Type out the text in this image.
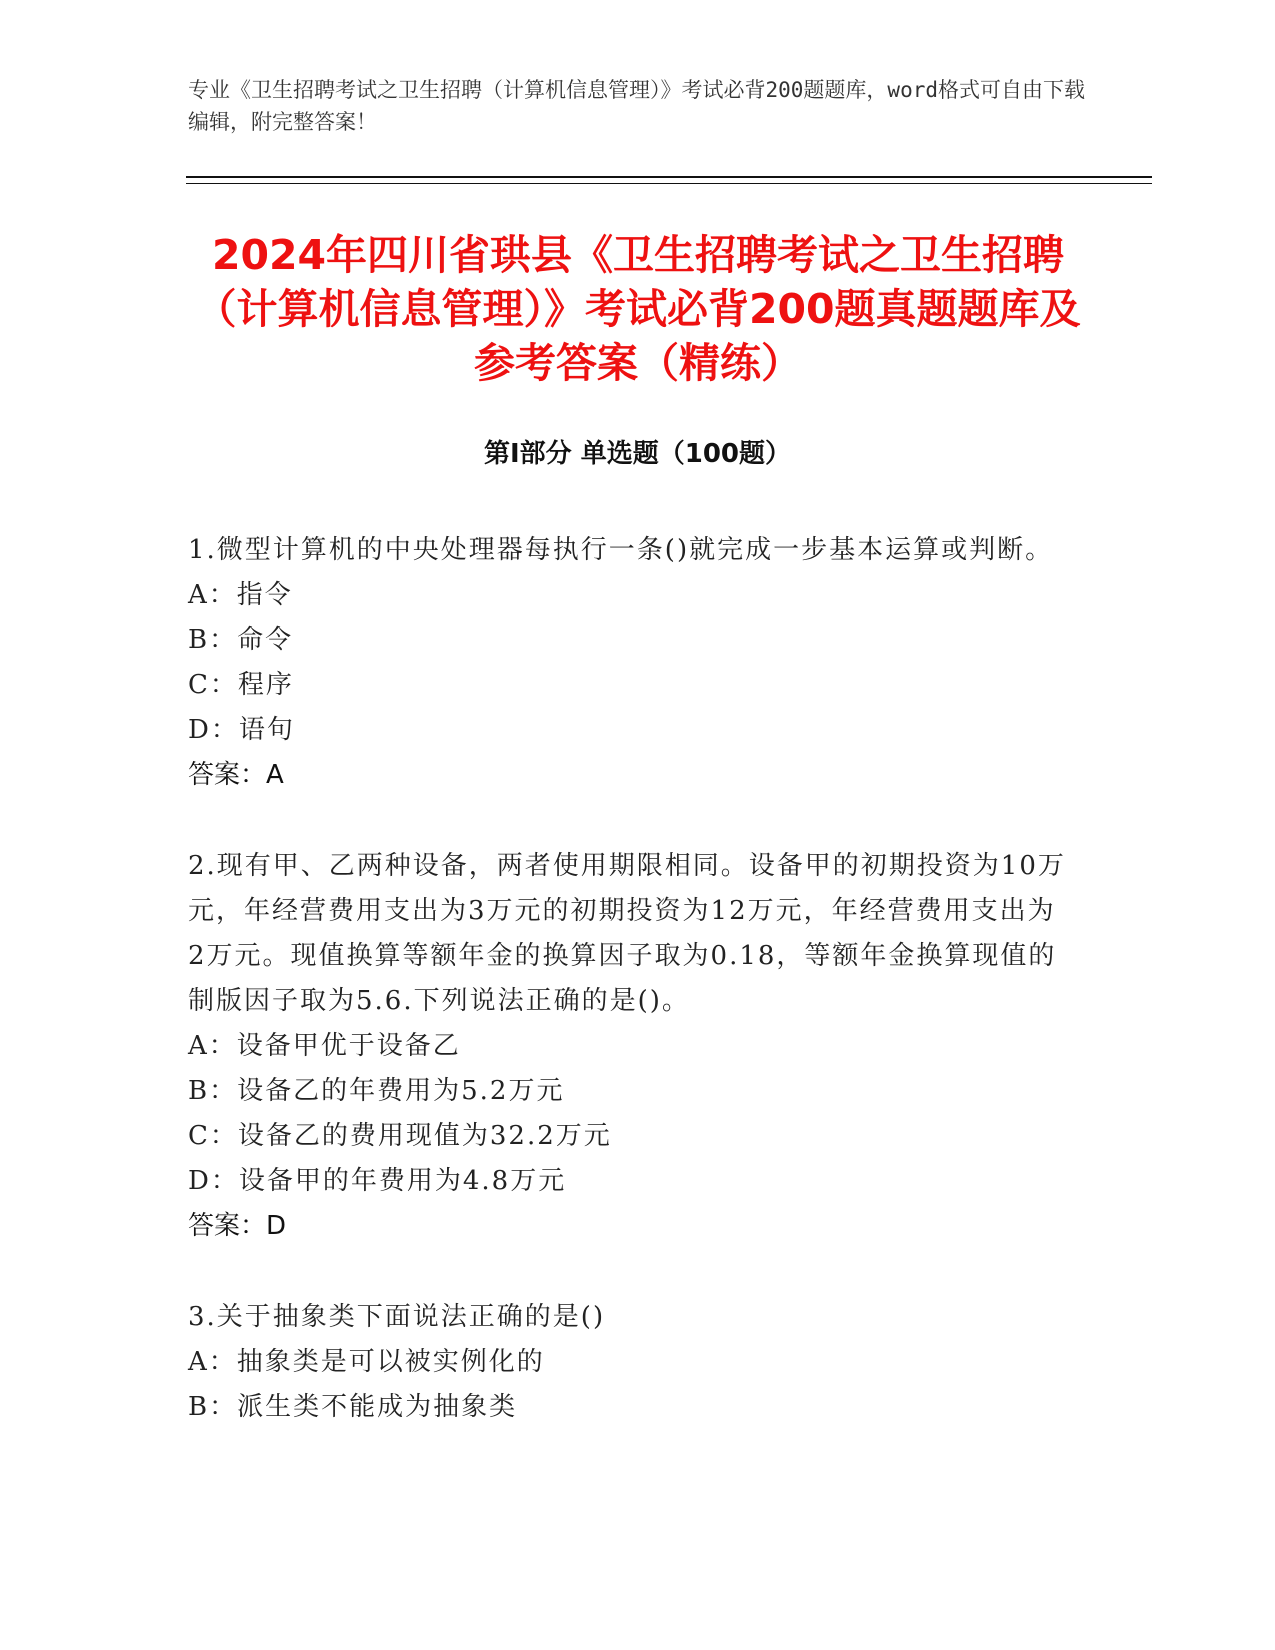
专业《卫生招聘考试之卫生招聘（计算机信息管理）》考试必背200题题库，word格式可自由下载编辑，附完整答案！
2024年四川省珙县《卫生招聘考试之卫生招聘（计算机信息管理）》考试必背200题真题题库及参考答案（精练）
第I部分 单选题（100题）
1.微型计算机的中央处理器每执行一条()就完成一步基本运算或判断。
A：指令
B：命令
C：程序
D：语句
答案：A
2.现有甲、乙两种设备，两者使用期限相同。设备甲的初期投资为10万元，年经营费用支出为3万元的初期投资为12万元，年经营费用支出为2万元。现值换算等额年金的换算因子取为0.18，等额年金换算现值的制版因子取为5.6.下列说法正确的是()。
A：设备甲优于设备乙
B：设备乙的年费用为5.2万元
C：设备乙的费用现值为32.2万元
D：设备甲的年费用为4.8万元
答案：D
3.关于抽象类下面说法正确的是()
A：抽象类是可以被实例化的
B：派生类不能成为抽象类
